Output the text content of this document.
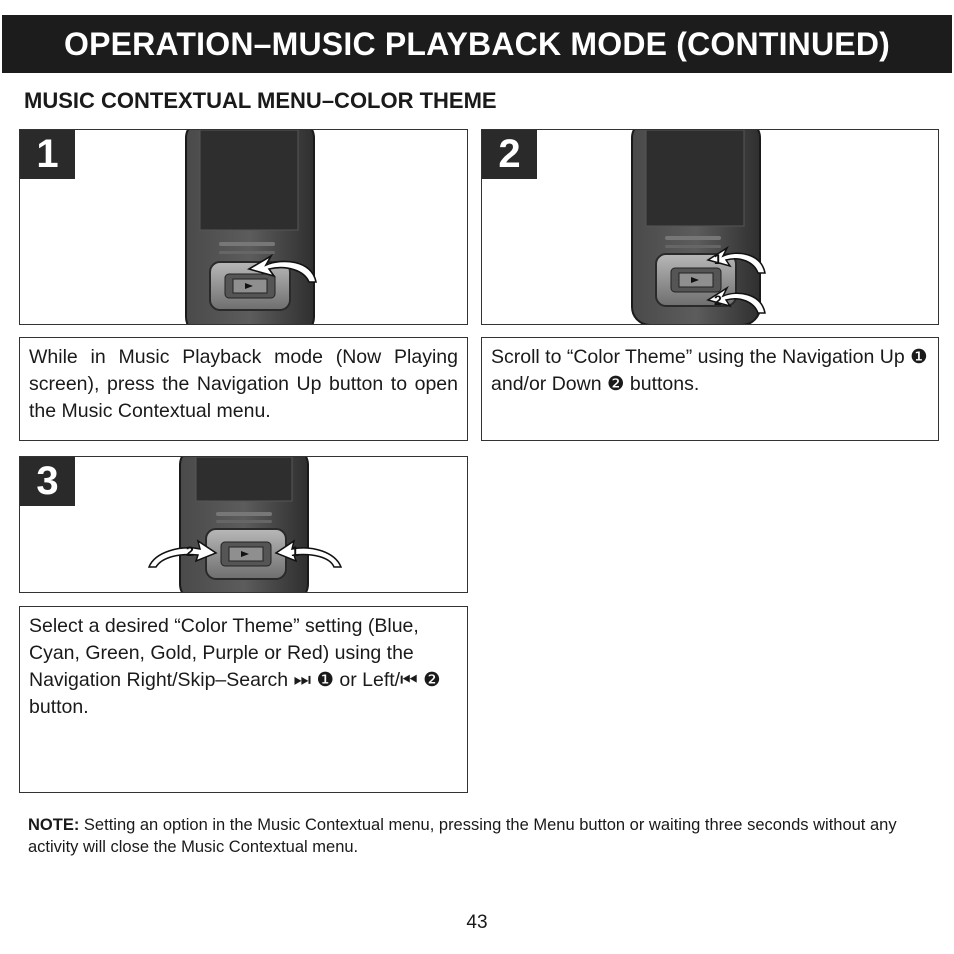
OPERATION–MUSIC PLAYBACK MODE (CONTINUED)
MUSIC CONTEXTUAL MENU–COLOR THEME
1
1
2
2
While in Music Playback mode (Now Playing screen), press the Navigation Up button to open the Music Contextual menu.
Scroll to “Color Theme” using the Navigation Up ❶ and/or Down ❷ buttons.
2	1
3
Select a desired “Color Theme” setting (Blue, Cyan, Green, Gold, Purple or Red) using the Navigation Right/Skip–Search ⏭ ❶ or Left/⏮ ❷ button.
NOTE: Setting an option in the Music Contextual menu, pressing the Menu button or waiting three seconds without any activity will close the Music Contextual menu.
43
